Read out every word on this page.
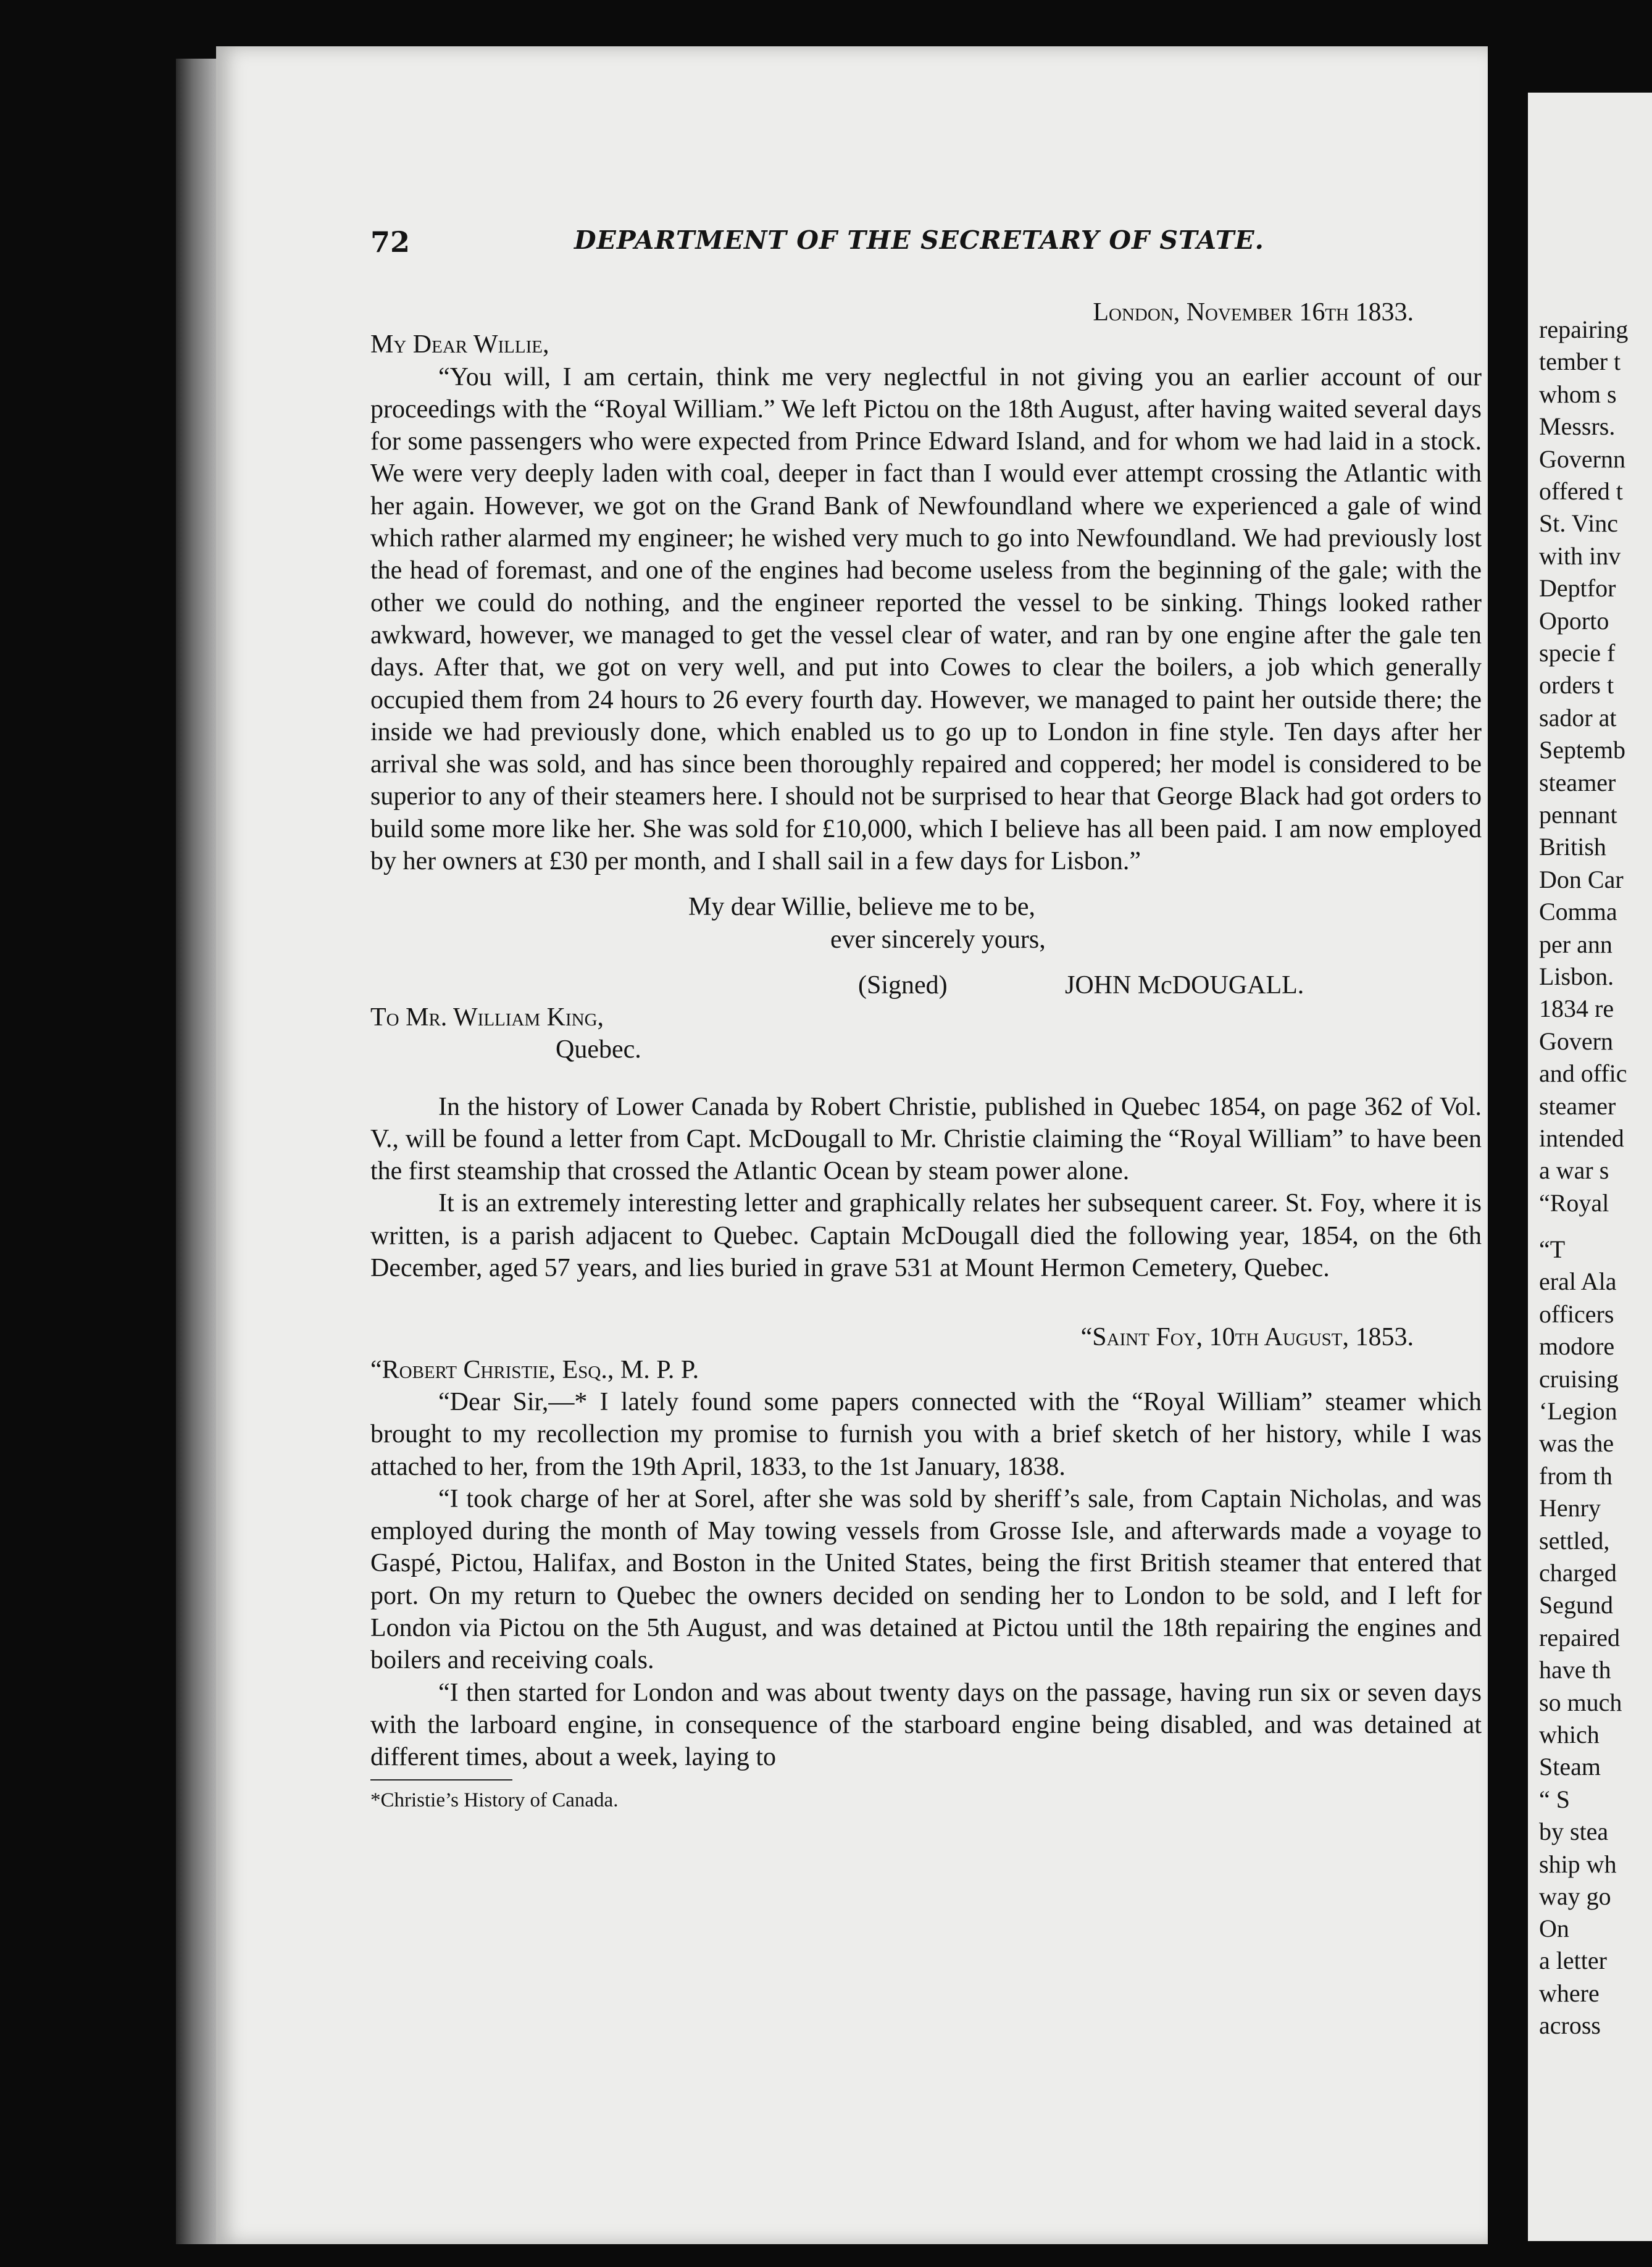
72	DEPARTMENT OF THE SECRETARY OF STATE.

London, November 16th 1833.

My Dear Willie,

“You will, I am certain, think me very neglectful in not giving you an earlier account of our proceedings with the “Royal William.” We left Pictou on the 18th August, after having waited several days for some passengers who were expected from Prince Edward Island, and for whom we had laid in a stock. We were very deeply laden with coal, deeper in fact than I would ever attempt crossing the Atlantic with her again. However, we got on the Grand Bank of Newfoundland where we experienced a gale of wind which rather alarmed my engineer; he wished very much to go into Newfoundland. We had previously lost the head of foremast, and one of the engines had become useless from the beginning of the gale; with the other we could do nothing, and the engineer reported the vessel to be sinking. Things looked rather awkward, however, we managed to get the vessel clear of water, and ran by one engine after the gale ten days. After that, we got on very well, and put into Cowes to clear the boilers, a job which generally occupied them from 24 hours to 26 every fourth day. However, we managed to paint her outside there; the inside we had previously done, which enabled us to go up to London in fine style. Ten days after her arrival she was sold, and has since been thoroughly repaired and coppered; her model is considered to be superior to any of their steamers here. I should not be surprised to hear that George Black had got orders to build some more like her. She was sold for £10,000, which I believe has all been paid. I am now employed by her owners at £30 per month, and I shall sail in a few days for Lisbon.”

My dear Willie, believe me to be,

ever sincerely yours,

(Signed)	JOHN McDOUGALL.

To Mr. William King,

Quebec.

In the history of Lower Canada by Robert Christie, published in Quebec 1854, on page 362 of Vol. V., will be found a letter from Capt. McDougall to Mr. Christie claiming the “Royal William” to have been the first steamship that crossed the Atlantic Ocean by steam power alone.

It is an extremely interesting letter and graphically relates her subsequent career. St. Foy, where it is written, is a parish adjacent to Quebec. Captain McDougall died the following year, 1854, on the 6th December, aged 57 years, and lies buried in grave 531 at Mount Hermon Cemetery, Quebec.

“Saint Foy, 10th August, 1853.

“Robert Christie, Esq., M. P. P.

“Dear Sir,—* I lately found some papers connected with the “Royal William” steamer which brought to my recollection my promise to furnish you with a brief sketch of her history, while I was attached to her, from the 19th April, 1833, to the 1st January, 1838.

“I took charge of her at Sorel, after she was sold by sheriff’s sale, from Captain Nicholas, and was employed during the month of May towing vessels from Grosse Isle, and afterwards made a voyage to Gaspé, Pictou, Halifax, and Boston in the United States, being the first British steamer that entered that port. On my return to Quebec the owners decided on sending her to London to be sold, and I left for London via Pictou on the 5th August, and was detained at Pictou until the 18th repairing the engines and boilers and receiving coals.

“I then started for London and was about twenty days on the passage, having run six or seven days with the larboard engine, in consequence of the starboard engine being disabled, and was detained at different times, about a week, laying to

*Christie’s History of Canada.

repairing
tember t
whom s
Messrs.
Governn
offered t
St. Vinc
with inv
Deptfor
Oporto
specie f
orders t
sador at
Septemb
steamer
pennant
British
Don Car
Comma
per ann
Lisbon.
1834 re
Govern
and offic
steamer
intended
a war s
“Royal
“T
eral Ala
officers
modore
cruising
‘Legion
was the
from th
Henry
settled,
charged
Segund
repaired
have th
so much
which
Steam
“ S
by stea
ship wh
way go
On
a letter
where
across
